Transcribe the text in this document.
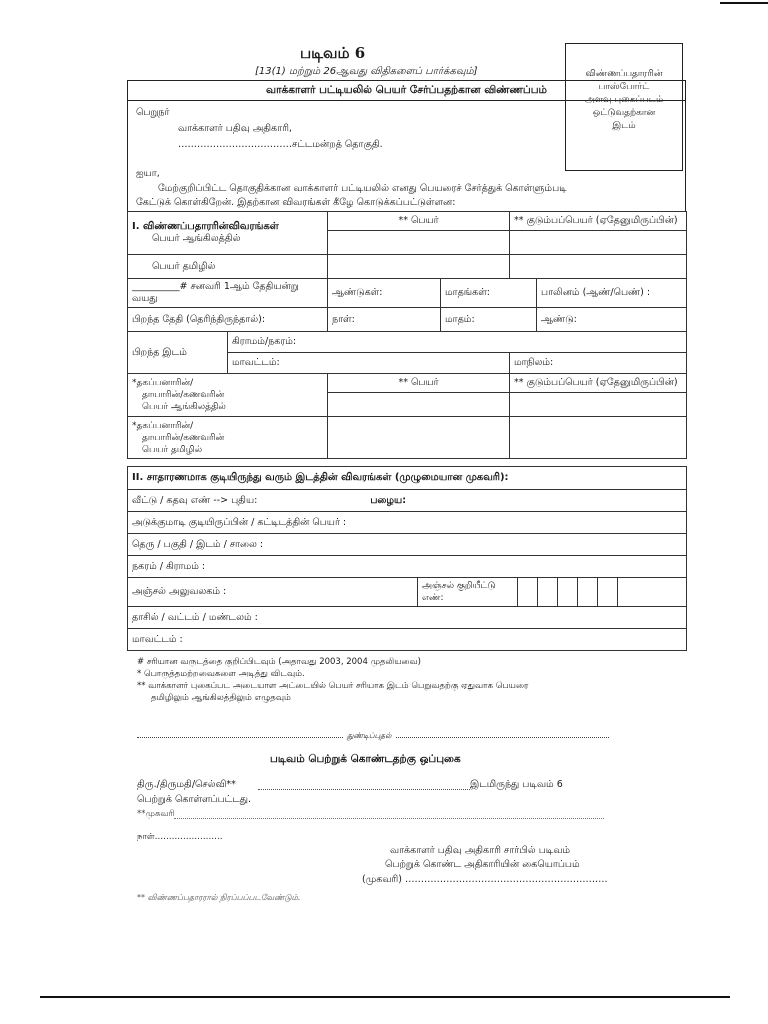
படிவம் 6
[13(1) மற்றும் 26ஆவது விதிகளைப் பார்க்கவும்]	விண்ணப்பதாரரின்
பாஸ்போர்ட்
அளவு புகைப்படம்
ஒட்டுவதற்கான
இடம்
வாக்காளர் பட்டியலில் பெயர் சேர்ப்பதற்கான விண்ணப்பம்
பெறுநர்
வாக்காளர் பதிவு அதிகாரி,
………………………………சட்டமன்றத் தொகுதி.
ஐயா,
மேற்குறிப்பிட்ட தொகுதிக்கான வாக்காளர் பட்டியலில் எனது பெயரைச் சேர்த்துக் கொள்ளும்படி
கேட்டுக் கொள்கிறேன். இதற்கான விவரங்கள் கீழே கொடுக்கப்பட்டுள்ளன:
I. விண்ணப்பதாரரின்விவரங்கள்
பெயர் ஆங்கிலத்தில்		** பெயர்		** குடும்பப்பெயர் (ஏதேனுமிருப்பின்)	

பெயர் தமிழில்					

__________# சனவரி 1ஆம் தேதியன்று
வயது		ஆண்டுகள்:	மாதங்கள்:		பாலினம் (ஆண்/பெண்) :
பிறந்த தேதி (தெரிந்திருந்தால்):		நாள்:	மாதம்:		ஆண்டு:
பிறந்த இடம்	கிராமம்/நகரம்:				
	மாவட்டம்:			மாநிலம்:	

*தகப்பனாரின்/
தாயாரின்/கணவரின்
பெயர் ஆங்கிலத்தில்		** பெயர்		** குடும்பப்பெயர் (ஏதேனுமிருப்பின்)	

*தகப்பனாரின்/
தாயாரின்/கணவரின்
பெயர் தமிழில்					

II. சாதாரணமாக குடியிருந்து வரும் இடத்தின் விவரங்கள் (முழுமையான முகவரி):
வீட்டு / கதவு எண் --> புதிய:	பழைய:
அடுக்குமாடி குடியிருப்பின் / கட்டிடத்தின் பெயர் :
தெரு / பகுதி / இடம் / சாலை :
நகரம் / கிராமம் :
அஞ்சல் அலுவலகம் :	அஞ்சல் குறியீட்டு
எண்:

தாசில் / வட்டம் / மண்டலம் :
மாவட்டம் :
# சரியான வருடத்தை குறிப்பிடவும் (அதாவது 2003, 2004 முதலியவை)
* பொருத்தமற்றவைகளை அடித்து விடவும்.
** வாக்காளர் புகைப்பட அடையாள அட்டையில் பெயர் சரியாக இடம் பெறுவதற்கு ஏதுவாக பெயரை
தமிழிலும் ஆங்கிலத்திலும் எழுதவும்
துண்டிப்புதல்
படிவம் பெற்றுக் கொண்டதற்கு ஒப்புகை
திரு./திருமதி/செல்வி**	இடமிருந்து படிவம் 6
பெற்றுக் கொள்ளப்பட்டது.
**முகவரி
நாள்……………………
வாக்காளர் பதிவு அதிகாரி சார்பில் படிவம்
பெற்றுக் கொண்ட அதிகாரியின் கையொப்பம்
(முகவரி) ……………………………………………………….
** விண்ணப்பதாரரால் நிரப்பப்படவேண்டும்.
